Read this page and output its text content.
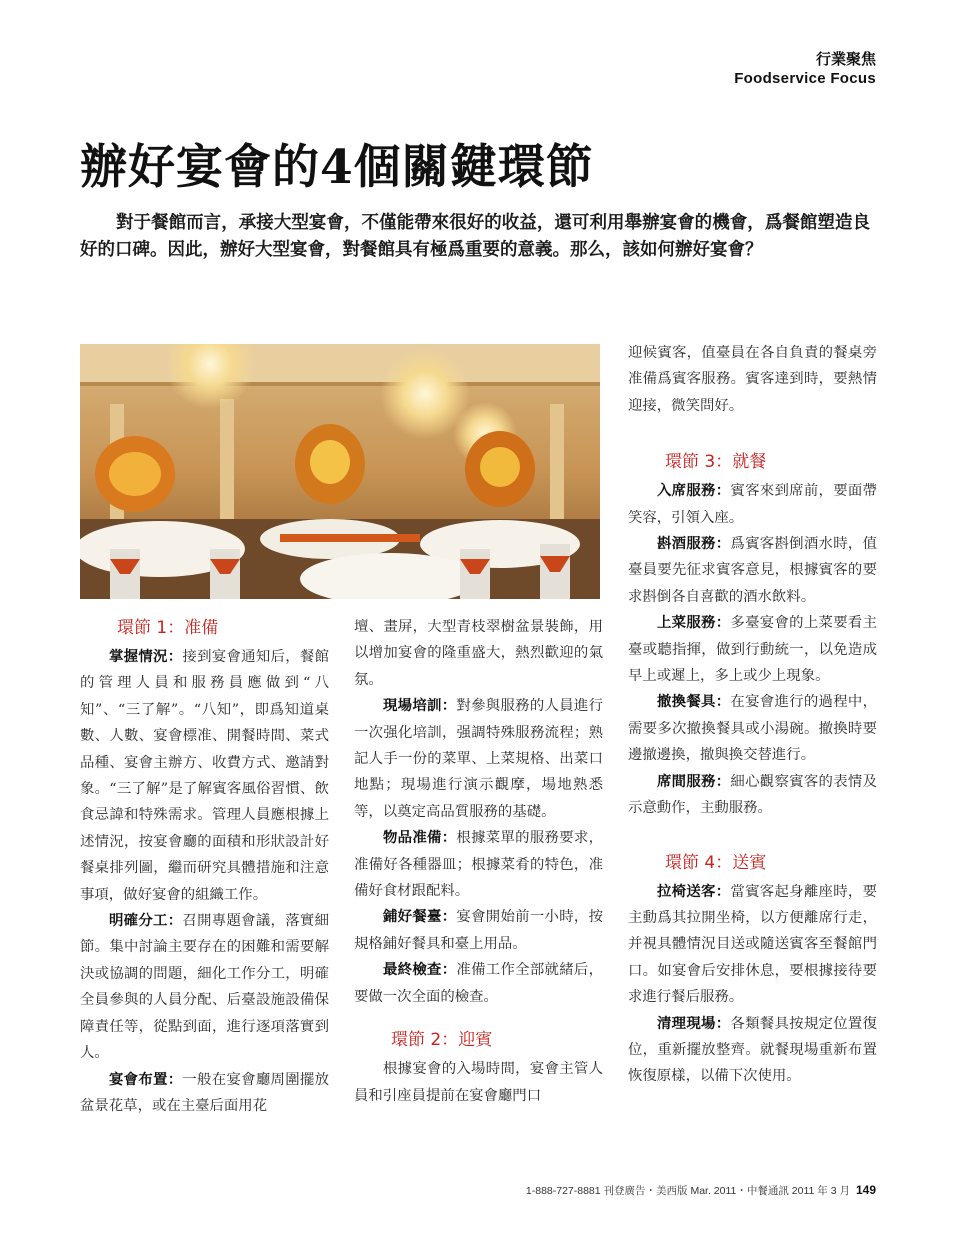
行業聚焦
Foodservice Focus
辦好宴會的4個關鍵環節

對于餐館而言，承接大型宴會，不僅能帶來很好的收益，還可利用舉辦宴會的機會，爲餐館塑造良好的口碑。因此，辦好大型宴會，對餐館具有極爲重要的意義。那么，該如何辦好宴會？

環節 1：准備

掌握情況：接到宴會通知后，餐館的管理人員和服務員應做到“八知”、“三了解”。“八知”，即爲知道桌數、人數、宴會標准、開餐時間、菜式品種、宴會主辦方、收費方式、邀請對象。“三了解”是了解賓客風俗習慣、飲食忌諱和特殊需求。管理人員應根據上述情況，按宴會廳的面積和形狀設計好餐桌排列圖，繼而研究具體措施和注意事項，做好宴會的組織工作。

明確分工：召開專題會議，落實細節。集中討論主要存在的困難和需要解決或協調的問題，細化工作分工，明確全員參與的人員分配、后臺設施設備保障責任等，從點到面，進行逐項落實到人。

宴會布置：一般在宴會廳周圍擺放盆景花草，或在主臺后面用花

壇、畫屏，大型青枝翠樹盆景裝飾，用以增加宴會的隆重盛大，熱烈歡迎的氣氛。

現場培訓：對參與服務的人員進行一次强化培訓，强調特殊服務流程；熟記人手一份的菜單、上菜規格、出菜口地點；現場進行演示觀摩，場地熟悉等，以奠定高品質服務的基礎。

物品准備：根據菜單的服務要求，准備好各種器皿；根據菜肴的特色，准備好食材跟配料。

鋪好餐臺：宴會開始前一小時，按規格鋪好餐具和臺上用品。

最終檢查：准備工作全部就緒后，要做一次全面的檢查。

環節 2：迎賓

根據宴會的入場時間，宴會主管人員和引座員提前在宴會廳門口

迎候賓客，值臺員在各自負責的餐桌旁准備爲賓客服務。賓客達到時，要熱情迎接，微笑問好。

環節 3：就餐

入席服務：賓客來到席前，要面帶笑容，引領入座。

斟酒服務：爲賓客斟倒酒水時，值臺員要先征求賓客意見，根據賓客的要求斟倒各自喜歡的酒水飲料。

上菜服務：多臺宴會的上菜要看主臺或聽指揮，做到行動統一，以免造成早上或遲上，多上或少上現象。

撤換餐具：在宴會進行的過程中，需要多次撤換餐具或小湯碗。撤換時要邊撤邊換，撤與換交替進行。

席間服務：細心觀察賓客的表情及示意動作，主動服務。

環節 4：送賓

拉椅送客：當賓客起身離座時，要主動爲其拉開坐椅，以方便離席行走，并視具體情況目送或隨送賓客至餐館門口。如宴會后安排休息，要根據接待要求進行餐后服務。

清理現場：各類餐具按規定位置復位，重新擺放整齊。就餐現場重新布置恢復原樣，以備下次使用。

1-888-727-8881 刊登廣告・美西版 Mar. 2011・中餐通訊 2011 年 3 月 149
